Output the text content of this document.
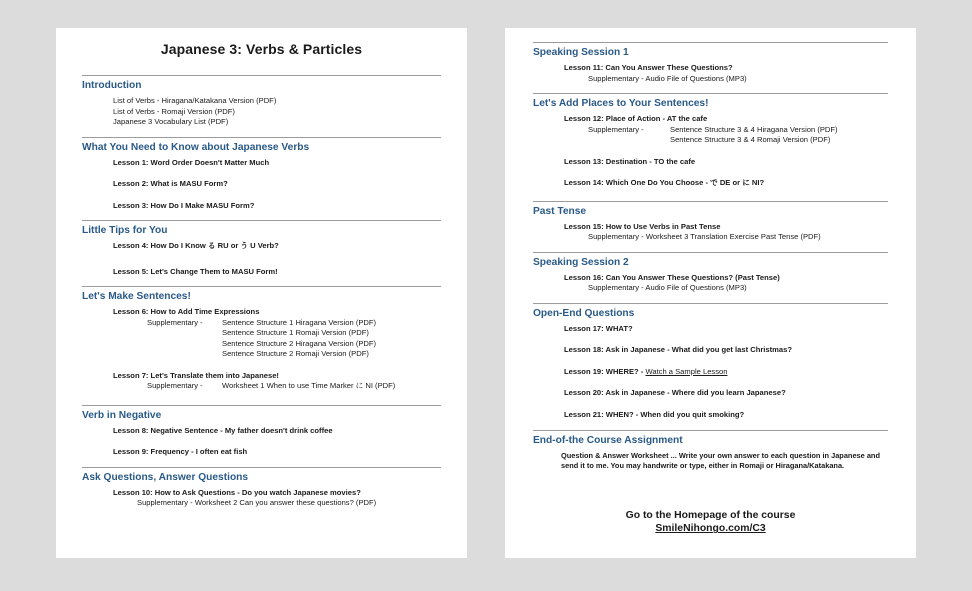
Japanese 3: Verbs & Particles
Introduction
List of Verbs - Hiragana/Katakana Version (PDF)
List of Verbs - Romaji Version (PDF)
Japanese 3 Vocabulary List (PDF)
What You Need to Know about Japanese Verbs
Lesson 1: Word Order Doesn't Matter Much
Lesson 2: What is MASU Form?
Lesson 3: How Do I Make MASU Form?
Little Tips for You
Lesson 4: How Do I Know る RU or う U Verb?
Lesson 5: Let's Change Them to MASU Form!
Let's Make Sentences!
Lesson 6: How to Add Time Expressions
Supplementary -	Sentence Structure 1 Hiragana Version (PDF)
Sentence Structure 1 Romaji Version (PDF)
Sentence Structure 2 Hiragana Version (PDF)
Sentence Structure 2 Romaji Version (PDF)
Lesson 7: Let's Translate them into Japanese!
Supplementary -	Worksheet 1 When to use Time Marker に NI (PDF)
Verb in Negative
Lesson 8: Negative Sentence - My father doesn't drink coffee
Lesson 9: Frequency - I often eat fish
Ask Questions, Answer Questions
Lesson 10: How to Ask Questions - Do you watch Japanese movies?
Supplementary - Worksheet 2 Can you answer these questions? (PDF)
Speaking Session 1
Lesson 11: Can You Answer These Questions?
Supplementary - Audio File of Questions (MP3)
Let's Add Places to Your Sentences!
Lesson 12: Place of Action - AT the cafe
Supplementary -	Sentence Structure 3 & 4 Hiragana Version (PDF)
Sentence Structure 3 & 4 Romaji Version (PDF)
Lesson 13: Destination - TO the cafe
Lesson 14: Which One Do You Choose - で DE or に NI?
Past Tense
Lesson 15: How to Use Verbs in Past Tense
Supplementary - Worksheet 3 Translation Exercise Past Tense (PDF)
Speaking Session 2
Lesson 16: Can You Answer These Questions? (Past Tense)
Supplementary - Audio File of Questions (MP3)
Open-End Questions
Lesson 17: WHAT?
Lesson 18: Ask in Japanese - What did you get last Christmas?
Lesson 19: WHERE? - Watch a Sample Lesson
Lesson 20: Ask in Japanese - Where did you learn Japanese?
Lesson 21: WHEN? - When did you quit smoking?
End-of-the Course Assignment
Question & Answer Worksheet ... Write your own answer to each question in Japanese and send it to me. You may handwrite or type, either in Romaji or Hiragana/Katakana.
Go to the Homepage of the course
SmileNihongo.com/C3
